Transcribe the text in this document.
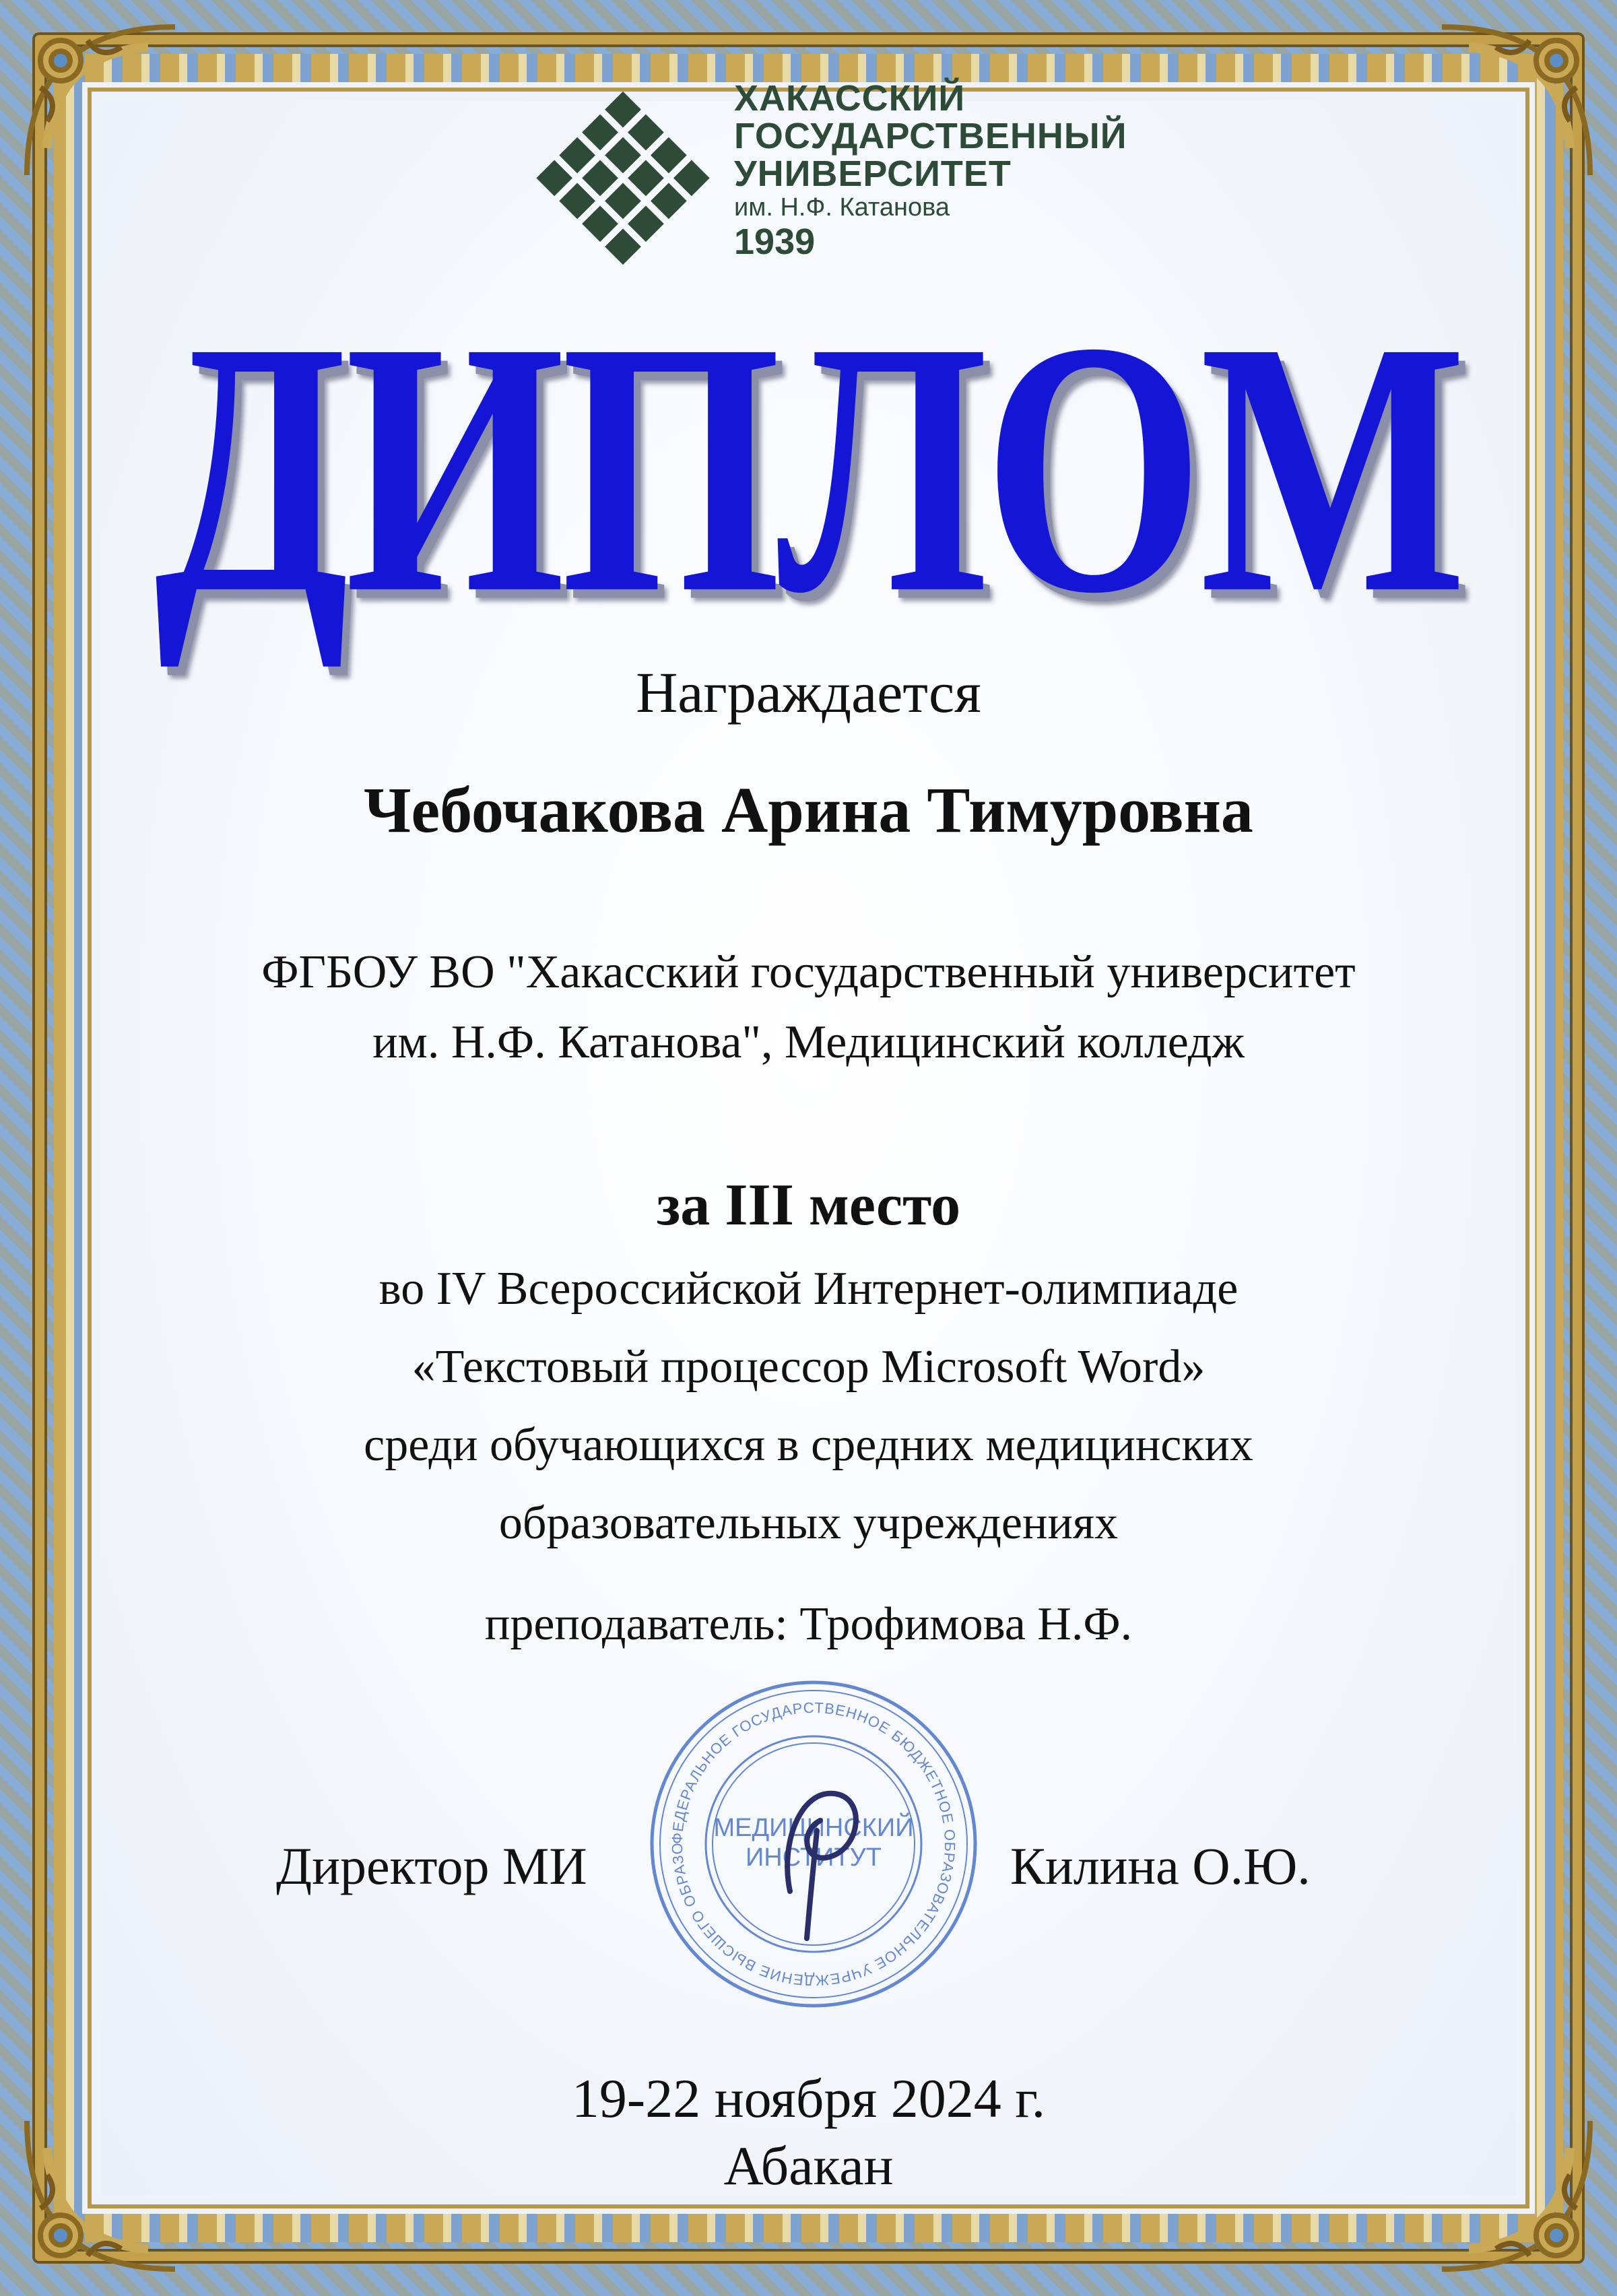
ХАКАССКИЙ
ГОСУДАРСТВЕННЫЙ
УНИВЕРСИТЕТ
им. Н.Ф. Катанова
1939
ДИПЛОМ
Награждается
Чебочакова Арина Тимуровна
ФГБОУ ВО "Хакасский государственный университет
им. Н.Ф. Катанова", Медицинский колледж
за III место
во IV Всероссийской Интернет-олимпиаде
«Текстовый процессор Microsoft Word»
среди обучающихся в средних медицинских
образовательных учреждениях
преподаватель: Трофимова Н.Ф.
Директор МИ	Килина О.Ю.
ФЕДЕРАЛЬНОЕ ГОСУДАРСТВЕННОЕ БЮДЖЕТНОЕ ОБРАЗОВАТЕЛЬНОЕ УЧРЕЖДЕНИЕ ВЫСШЕГО ОБРАЗО
МЕДИЦИНСКИЙ
ИНСТИТУТ
19-22 ноября 2024 г.
Абакан
